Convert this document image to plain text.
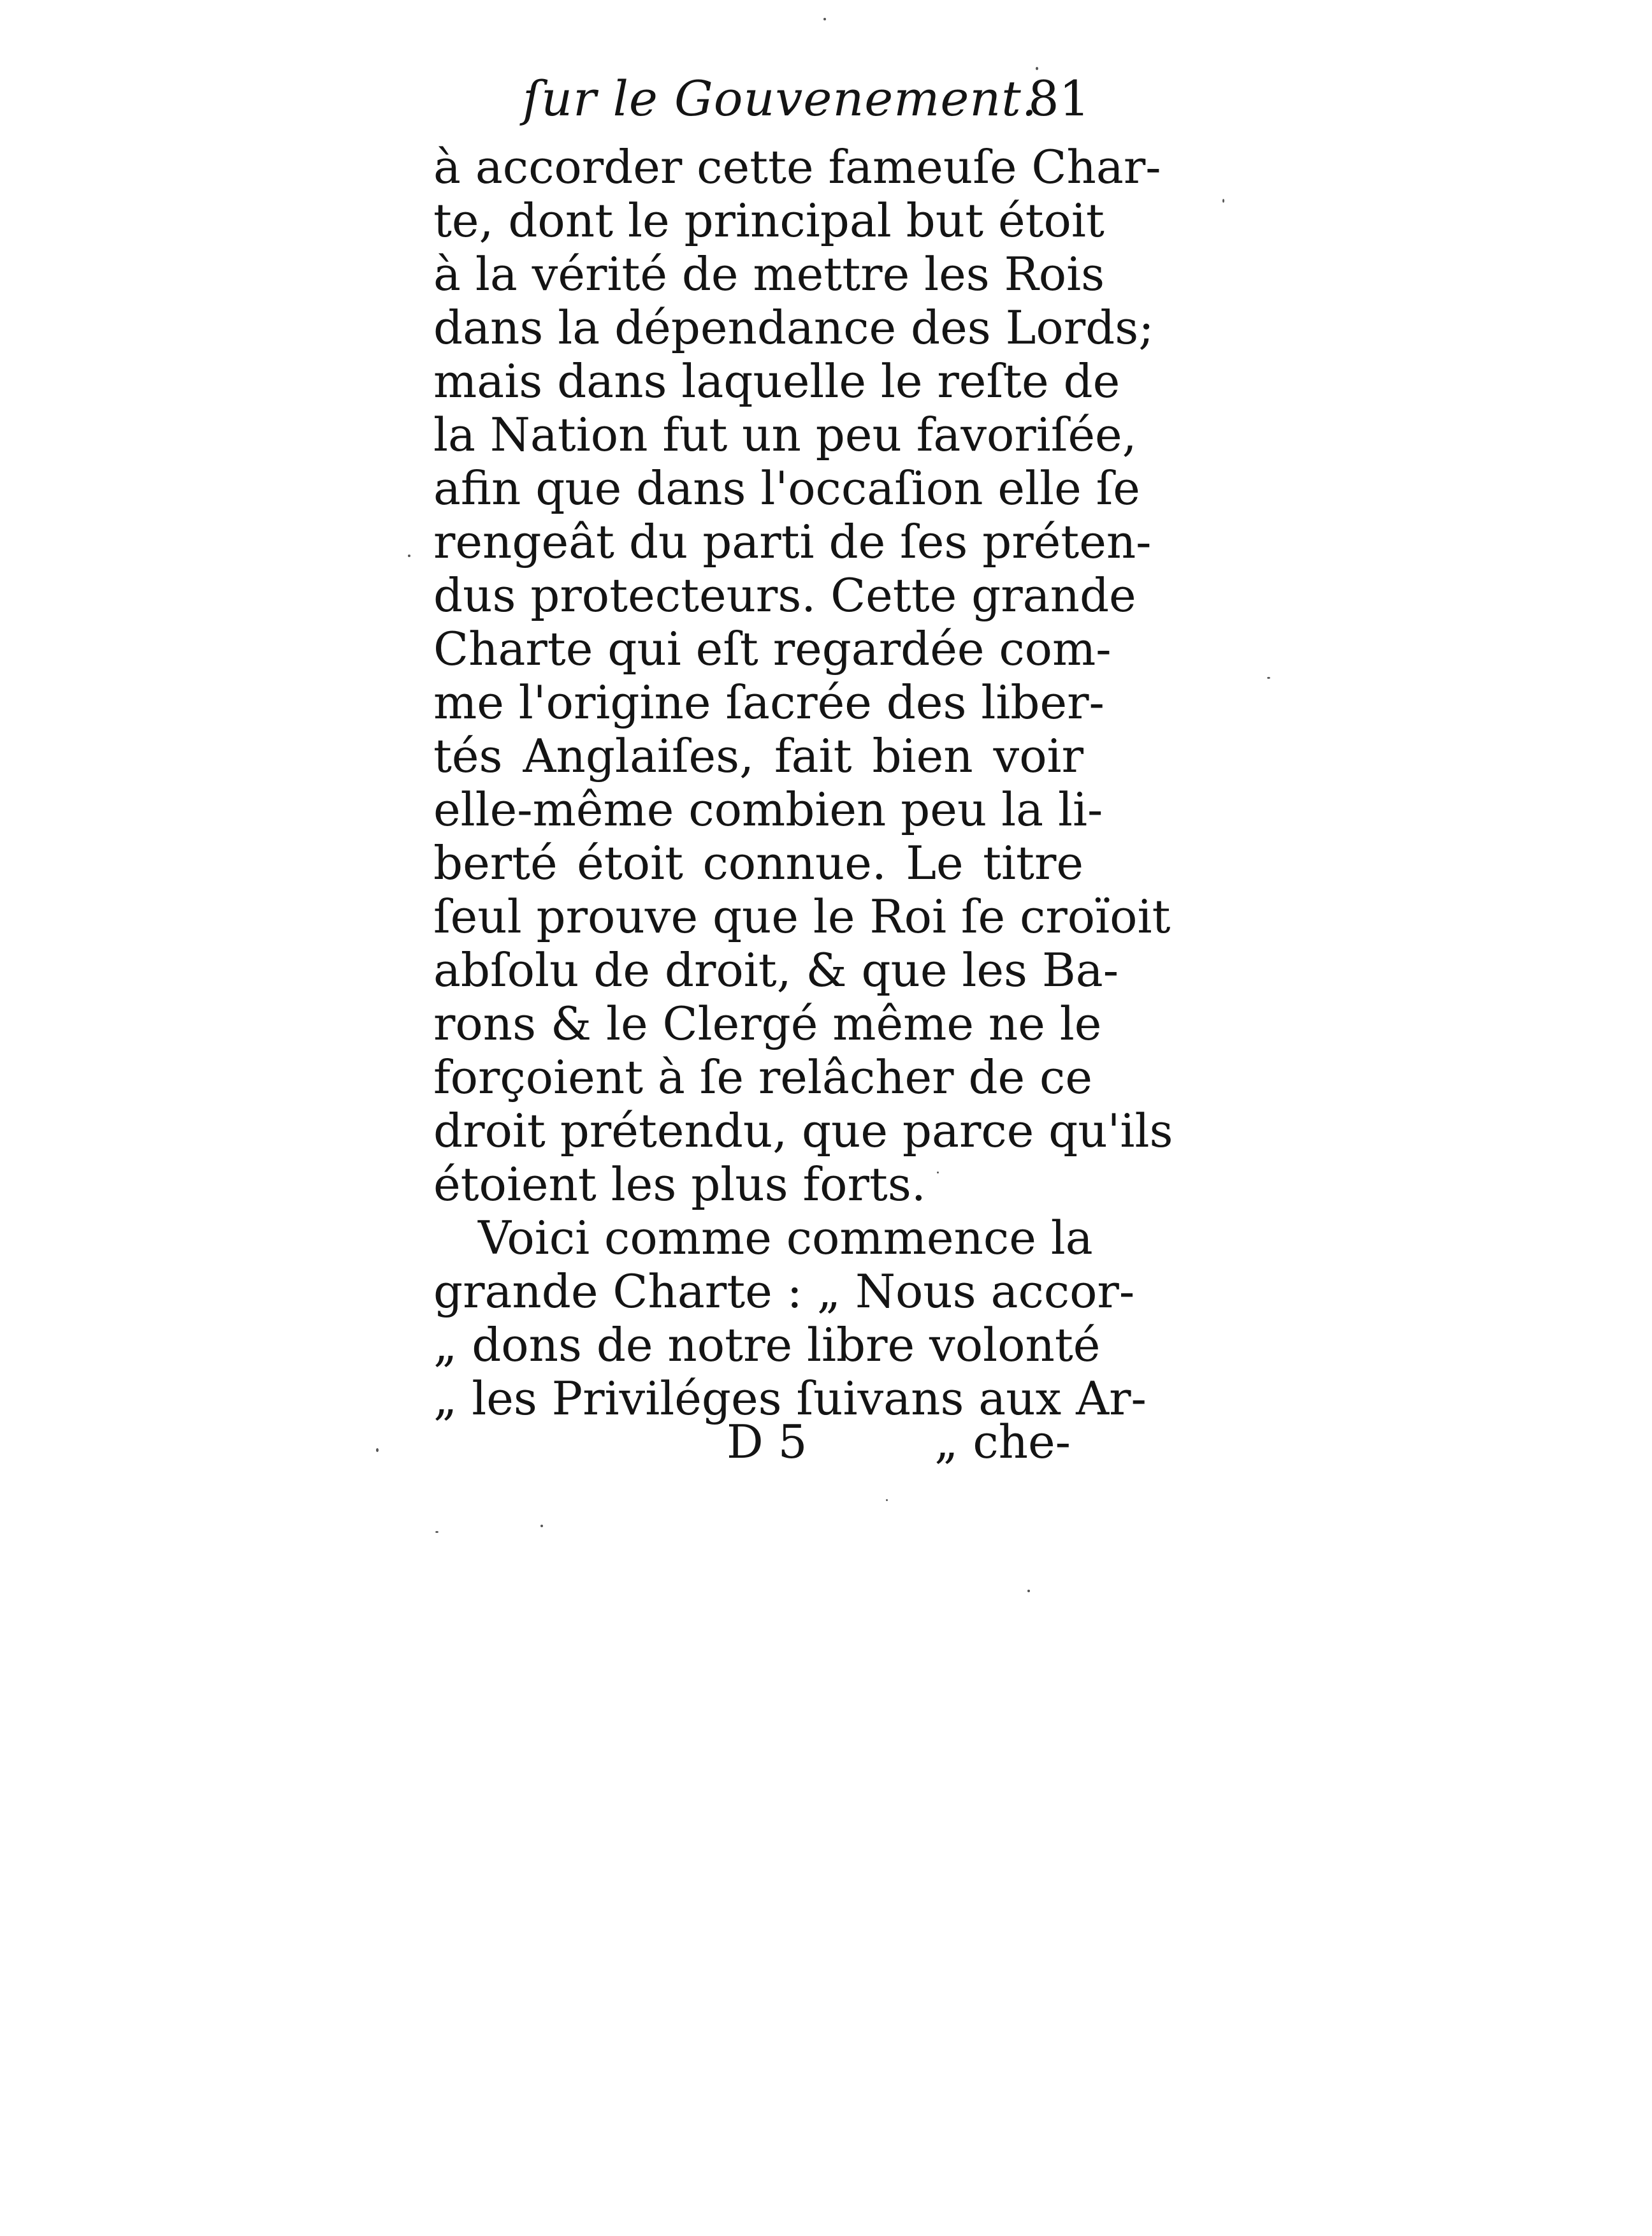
ſur le Gouvenement.
81
à accorder cette fameuſe Char-
te, dont le principal but étoit
à la vérité de mettre les Rois
dans la dépendance des Lords;
mais dans laquelle le reſte de
la Nation fut un peu favoriſée,
afin que dans l'occaſion elle ſe
rengeât du parti de ſes préten-
dus protecteurs. Cette grande
Charte qui eſt regardée com-
me l'origine ſacrée des liber-
tés Anglaiſes, fait bien voir
elle-même combien peu la li-
berté étoit connue. Le titre
ſeul prouve que le Roi ſe croïoit
abſolu de droit, & que les Ba-
rons & le Clergé même ne le
forçoient à ſe relâcher de ce
droit prétendu, que parce qu'ils
étoient les plus forts.
Voici comme commence la
grande Charte : „ Nous accor-
„ dons de notre libre volonté
„ les Priviléges ſuivans aux Ar-
D 5	„ che-
